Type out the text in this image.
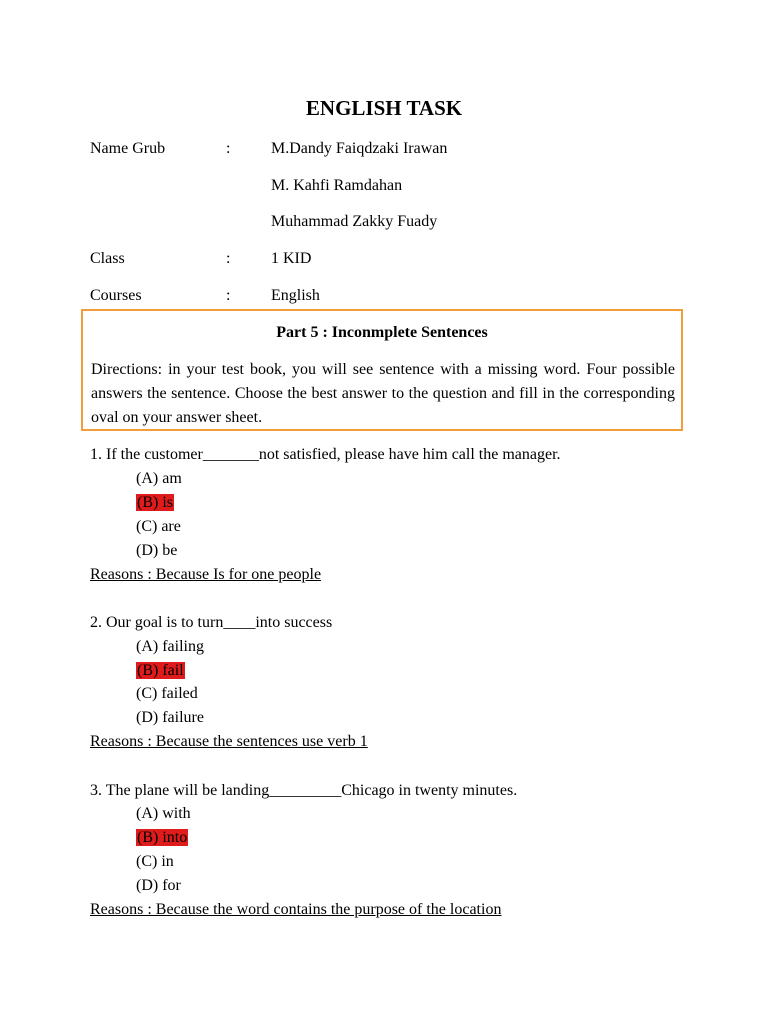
ENGLISH TASK
Name Grub	:	M.Dandy Faiqdzaki Irawan
M. Kahfi Ramdahan
Muhammad Zakky Fuady
Class	:	1 KID
Courses	:	English
Part 5 : Inconmplete Sentences
Directions: in your test book, you will see sentence with a missing word. Four possible answers the sentence. Choose the best answer to the question and fill in the corresponding oval on your answer sheet.
1. If the customer_______not satisfied, please have him call the manager.
(A) am
(B) is
(C) are
(D) be
Reasons : Because Is for one people
2. Our goal is to turn____into success
(A) failing
(B) fail
(C) failed
(D) failure
Reasons : Because the sentences use verb 1
3. The plane will be landing_________Chicago in twenty minutes.
(A) with
(B) into
(C) in
(D) for
Reasons : Because the word contains the purpose of the location
